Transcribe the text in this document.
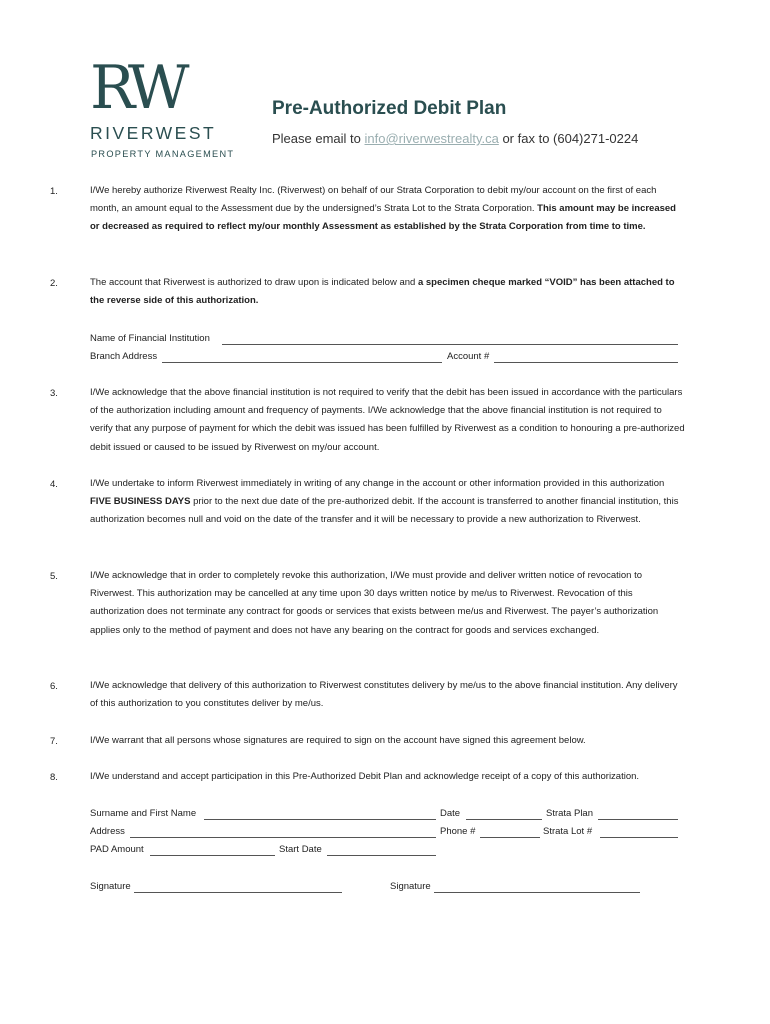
RW
RIVERWEST
PROPERTY MANAGEMENT
Pre-Authorized Debit Plan
Please email to info@riverwestrealty.ca or fax to (604)271-0224
1.	I/We hereby authorize Riverwest Realty Inc. (Riverwest) on behalf of our Strata Corporation to debit my/our account on the first of each month, an amount equal to the Assessment due by the undersigned’s Strata Lot to the Strata Corporation. This amount may be increased or decreased as required to reflect my/our monthly Assessment as established by the Strata Corporation from time to time.
2.	The account that Riverwest is authorized to draw upon is indicated below and a specimen cheque marked “VOID” has been attached to the reverse side of this authorization.
Name of Financial Institution
Branch Address	Account #
3.	I/We acknowledge that the above financial institution is not required to verify that the debit has been issued in accordance with the particulars of the authorization including amount and frequency of payments. I/We acknowledge that the above financial institution is not required to verify that any purpose of payment for which the debit was issued has been fulfilled by Riverwest as a condition to honouring a pre-authorized debit issued or caused to be issued by Riverwest on my/our account.
4.	I/We undertake to inform Riverwest immediately in writing of any change in the account or other information provided in this authorization FIVE BUSINESS DAYS prior to the next due date of the pre-authorized debit. If the account is transferred to another financial institution, this authorization becomes null and void on the date of the transfer and it will be necessary to provide a new authorization to Riverwest.
5.	I/We acknowledge that in order to completely revoke this authorization, I/We must provide and deliver written notice of revocation to Riverwest. This authorization may be cancelled at any time upon 30 days written notice by me/us to Riverwest. Revocation of this authorization does not terminate any contract for goods or services that exists between me/us and Riverwest. The payer’s authorization applies only to the method of payment and does not have any bearing on the contract for goods and services exchanged.
6.	I/We acknowledge that delivery of this authorization to Riverwest constitutes delivery by me/us to the above financial institution. Any delivery of this authorization to you constitutes deliver by me/us.
7.	I/We warrant that all persons whose signatures are required to sign on the account have signed this agreement below.
8.	I/We understand and accept participation in this Pre-Authorized Debit Plan and acknowledge receipt of a copy of this authorization.
Surname and First Name	Date	Strata Plan
Address	Phone #	Strata Lot #
PAD Amount	Start Date
Signature	Signature
